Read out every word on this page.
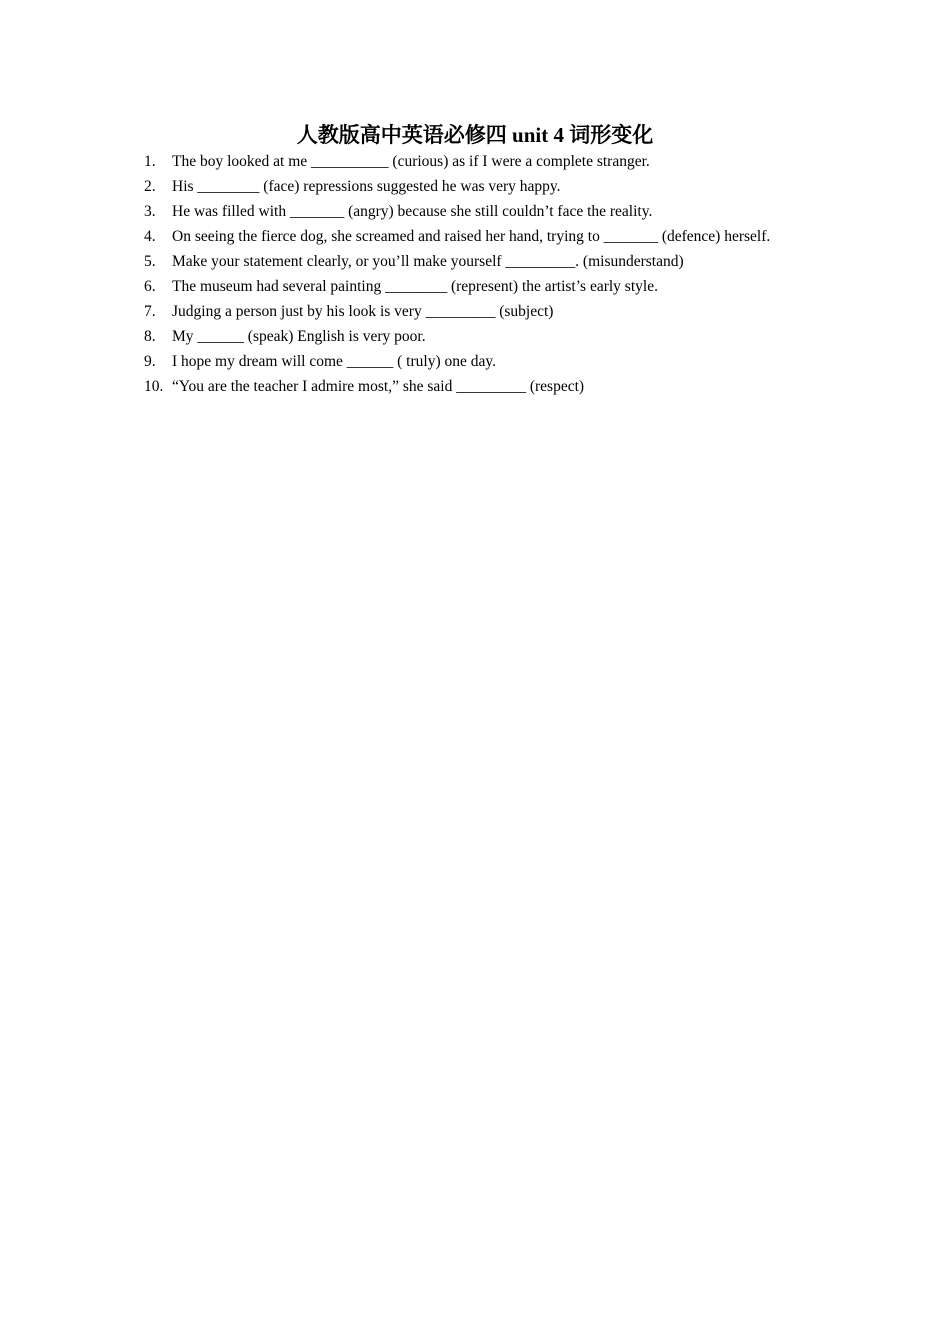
人教版高中英语必修四 unit 4 词形变化
1.	The boy looked at me __________ (curious) as if I were a complete stranger.
2.	His ________ (face) repressions suggested he was very happy.
3.	He was filled with _______ (angry) because she still couldn’t face the reality.
4.	On seeing the fierce dog, she screamed and raised her hand, trying to _______ (defence) herself.
5.	Make your statement clearly, or you’ll make yourself _________. (misunderstand)
6.	The museum had several painting ________ (represent) the artist’s early style.
7.	Judging a person just by his look is very _________ (subject)
8.	My ______ (speak) English is very poor.
9.	I hope my dream will come ______ ( truly) one day.
10. “You are the teacher I admire most,” she said _________ (respect)
